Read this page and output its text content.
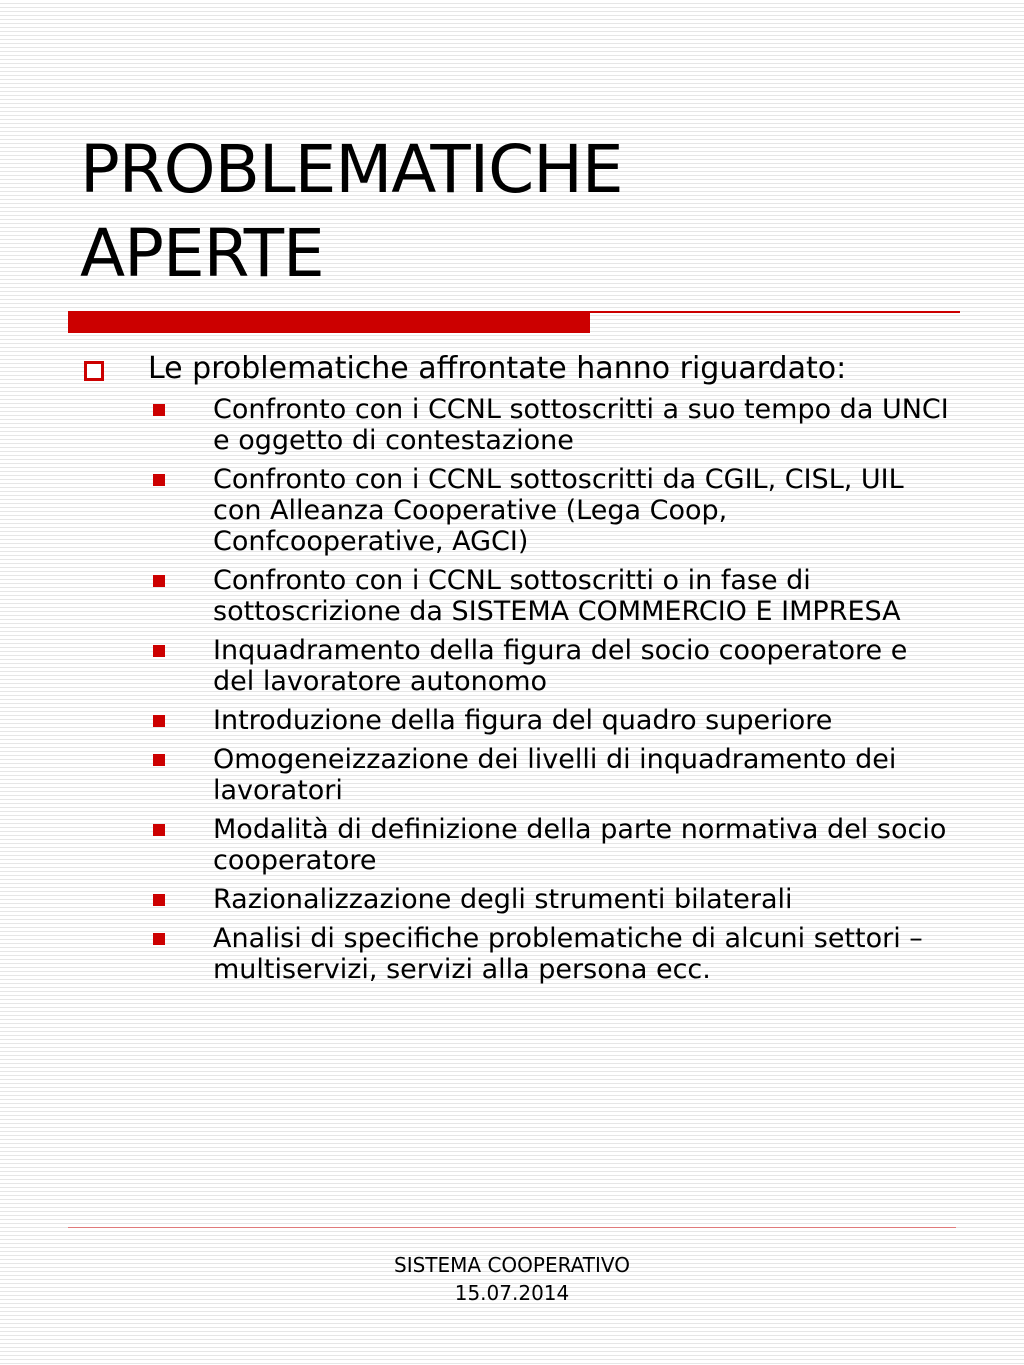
PROBLEMATICHE
APERTE
Le problematiche affrontate hanno riguardato:
Confronto con i CCNL sottoscritti a suo tempo da UNCI e oggetto di contestazione
Confronto con i CCNL sottoscritti da CGIL, CISL, UIL con Alleanza Cooperative (Lega Coop, Confcooperative, AGCI)
Confronto con i CCNL sottoscritti o in fase di sottoscrizione da SISTEMA COMMERCIO E IMPRESA
Inquadramento della figura del socio cooperatore e del lavoratore autonomo
Introduzione della figura del quadro superiore
Omogeneizzazione dei livelli di inquadramento dei lavoratori
Modalità di definizione della parte normativa del socio cooperatore
Razionalizzazione degli strumenti bilaterali
Analisi di specifiche problematiche di alcuni settori – multiservizi, servizi alla persona ecc.
SISTEMA COOPERATIVO
15.07.2014
